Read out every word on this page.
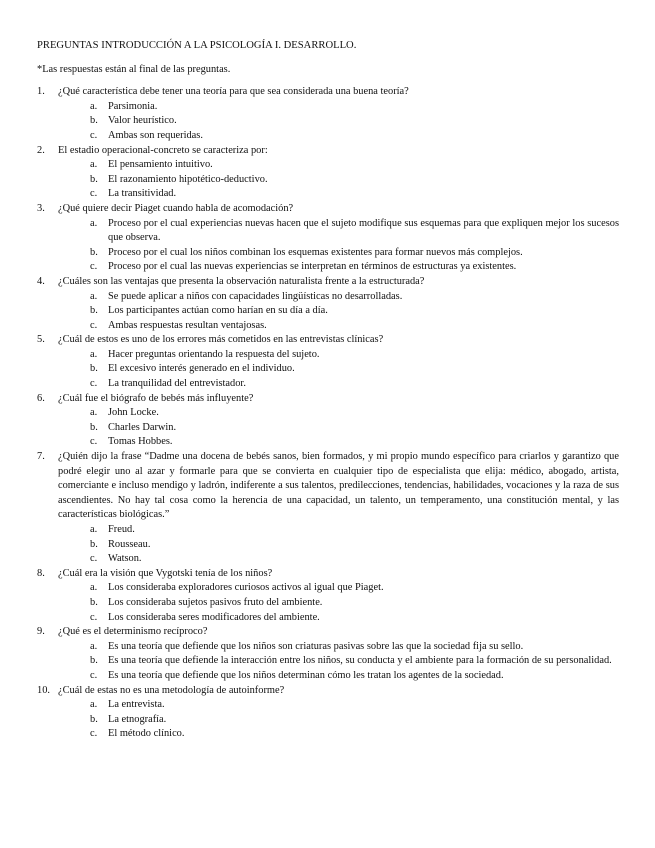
PREGUNTAS INTRODUCCIÓN A LA PSICOLOGÍA I. DESARROLLO.
*Las respuestas están al final de las preguntas.
1. ¿Qué característica debe tener una teoría para que sea considerada una buena teoría?
a. Parsimonia.
b. Valor heurístico.
c. Ambas son requeridas.
2. El estadio operacional-concreto se caracteriza por:
a. El pensamiento intuitivo.
b. El razonamiento hipotético-deductivo.
c. La transitividad.
3. ¿Qué quiere decir Piaget cuando habla de acomodación?
a. Proceso por el cual experiencias nuevas hacen que el sujeto modifique sus esquemas para que expliquen mejor los sucesos que observa.
b. Proceso por el cual los niños combinan los esquemas existentes para formar nuevos más complejos.
c. Proceso por el cual las nuevas experiencias se interpretan en términos de estructuras ya existentes.
4. ¿Cuáles son las ventajas que presenta la observación naturalista frente a la estructurada?
a. Se puede aplicar a niños con capacidades lingüísticas no desarrolladas.
b. Los participantes actúan como harían en su día a día.
c. Ambas respuestas resultan ventajosas.
5. ¿Cuál de estos es uno de los errores más cometidos en las entrevistas clínicas?
a. Hacer preguntas orientando la respuesta del sujeto.
b. El excesivo interés generado en el individuo.
c. La tranquilidad del entrevistador.
6. ¿Cuál fue el biógrafo de bebés más influyente?
a. John Locke.
b. Charles Darwin.
c. Tomas Hobbes.
7. ¿Quién dijo la frase “Dadme una docena de bebés sanos, bien formados, y mi propio mundo específico para criarlos y garantizo que podré elegir uno al azar y formarle para que se convierta en cualquier tipo de especialista que elija: médico, abogado, artista, comerciante e incluso mendigo y ladrón, indiferente a sus talentos, predilecciones, tendencias, habilidades, vocaciones y la raza de sus ascendientes. No hay tal cosa como la herencia de una capacidad, un talento, un temperamento, una constitución mental, y las características biológicas.”
a. Freud.
b. Rousseau.
c. Watson.
8. ¿Cuál era la visión que Vygotski tenía de los niños?
a. Los consideraba exploradores curiosos activos al igual que Piaget.
b. Los consideraba sujetos pasivos fruto del ambiente.
c. Los consideraba seres modificadores del ambiente.
9. ¿Qué es el determinismo recíproco?
a. Es una teoría que defiende que los niños son criaturas pasivas sobre las que la sociedad fija su sello.
b. Es una teoría que defiende la interacción entre los niños, su conducta y el ambiente para la formación de su personalidad.
c. Es una teoría que defiende que los niños determinan cómo les tratan los agentes de la sociedad.
10. ¿Cuál de estas no es una metodología de autoinforme?
a. La entrevista.
b. La etnografía.
c. El método clínico.
